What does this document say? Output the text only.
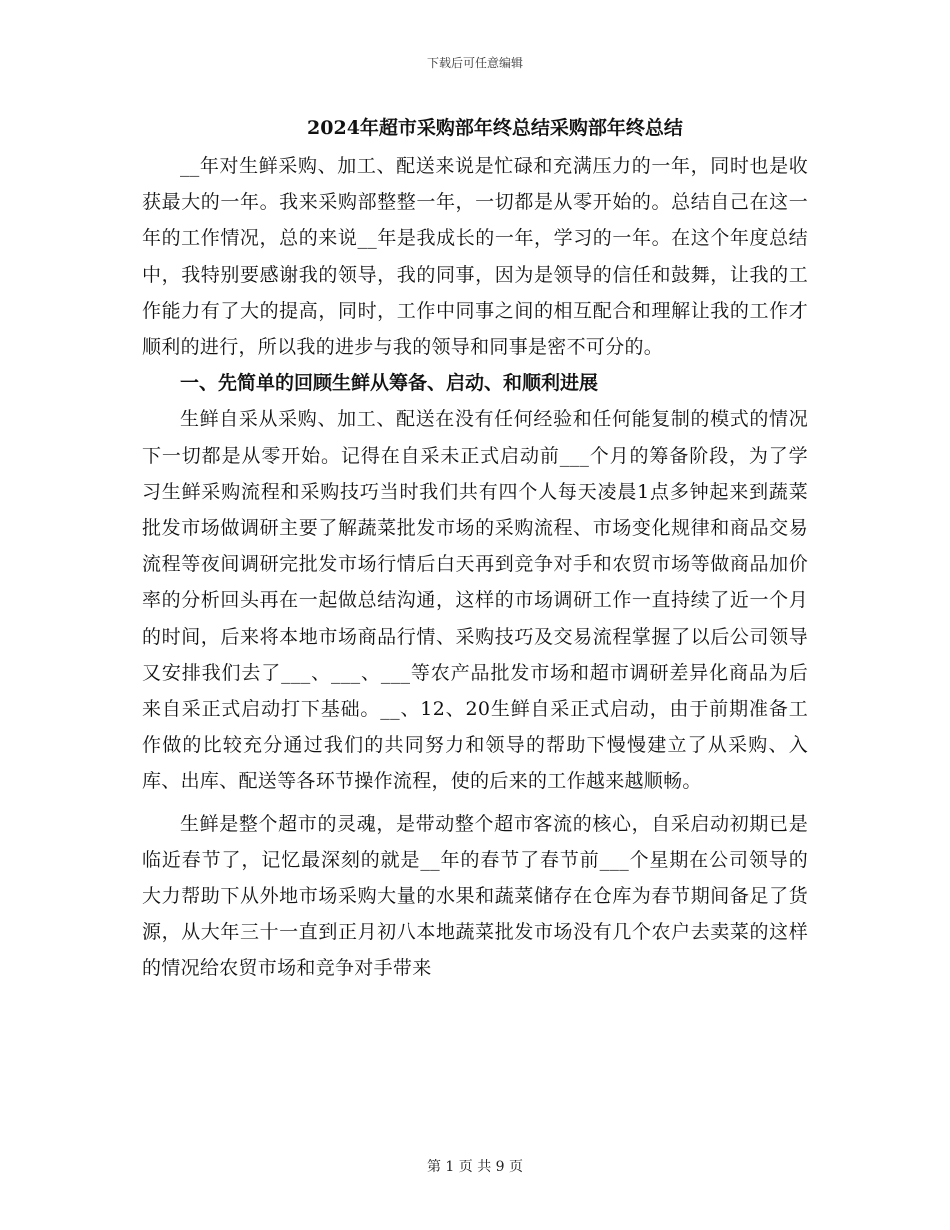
下载后可任意编辑
2024年超市采购部年终总结采购部年终总结

__年对生鲜采购、加工、配送来说是忙碌和充满压力的一年，同时也是收获最大的一年。我来采购部整整一年，一切都是从零开始的。总结自己在这一年的工作情况，总的来说__年是我成长的一年，学习的一年。在这个年度总结中，我特别要感谢我的领导，我的同事，因为是领导的信任和鼓舞，让我的工作能力有了大的提高，同时，工作中同事之间的相互配合和理解让我的工作才顺利的进行，所以我的进步与我的领导和同事是密不可分的。

一、先简单的回顾生鲜从筹备、启动、和顺利进展

生鲜自采从采购、加工、配送在没有任何经验和任何能复制的模式的情况下一切都是从零开始。记得在自采未正式启动前___个月的筹备阶段，为了学习生鲜采购流程和采购技巧当时我们共有四个人每天凌晨1点多钟起来到蔬菜批发市场做调研主要了解蔬菜批发市场的采购流程、市场变化规律和商品交易流程等夜间调研完批发市场行情后白天再到竞争对手和农贸市场等做商品加价率的分析回头再在一起做总结沟通，这样的市场调研工作一直持续了近一个月的时间，后来将本地市场商品行情、采购技巧及交易流程掌握了以后公司领导又安排我们去了___、___、___等农产品批发市场和超市调研差异化商品为后来自采正式启动打下基础。__、12、20生鲜自采正式启动，由于前期准备工作做的比较充分通过我们的共同努力和领导的帮助下慢慢建立了从采购、入库、出库、配送等各环节操作流程，使的后来的工作越来越顺畅。

生鲜是整个超市的灵魂，是带动整个超市客流的核心，自采启动初期已是临近春节了，记忆最深刻的就是__年的春节了春节前___个星期在公司领导的大力帮助下从外地市场采购大量的水果和蔬菜储存在仓库为春节期间备足了货源，从大年三十一直到正月初八本地蔬菜批发市场没有几个农户去卖菜的这样的情况给农贸市场和竞争对手带来

第 1 页 共 9 页
